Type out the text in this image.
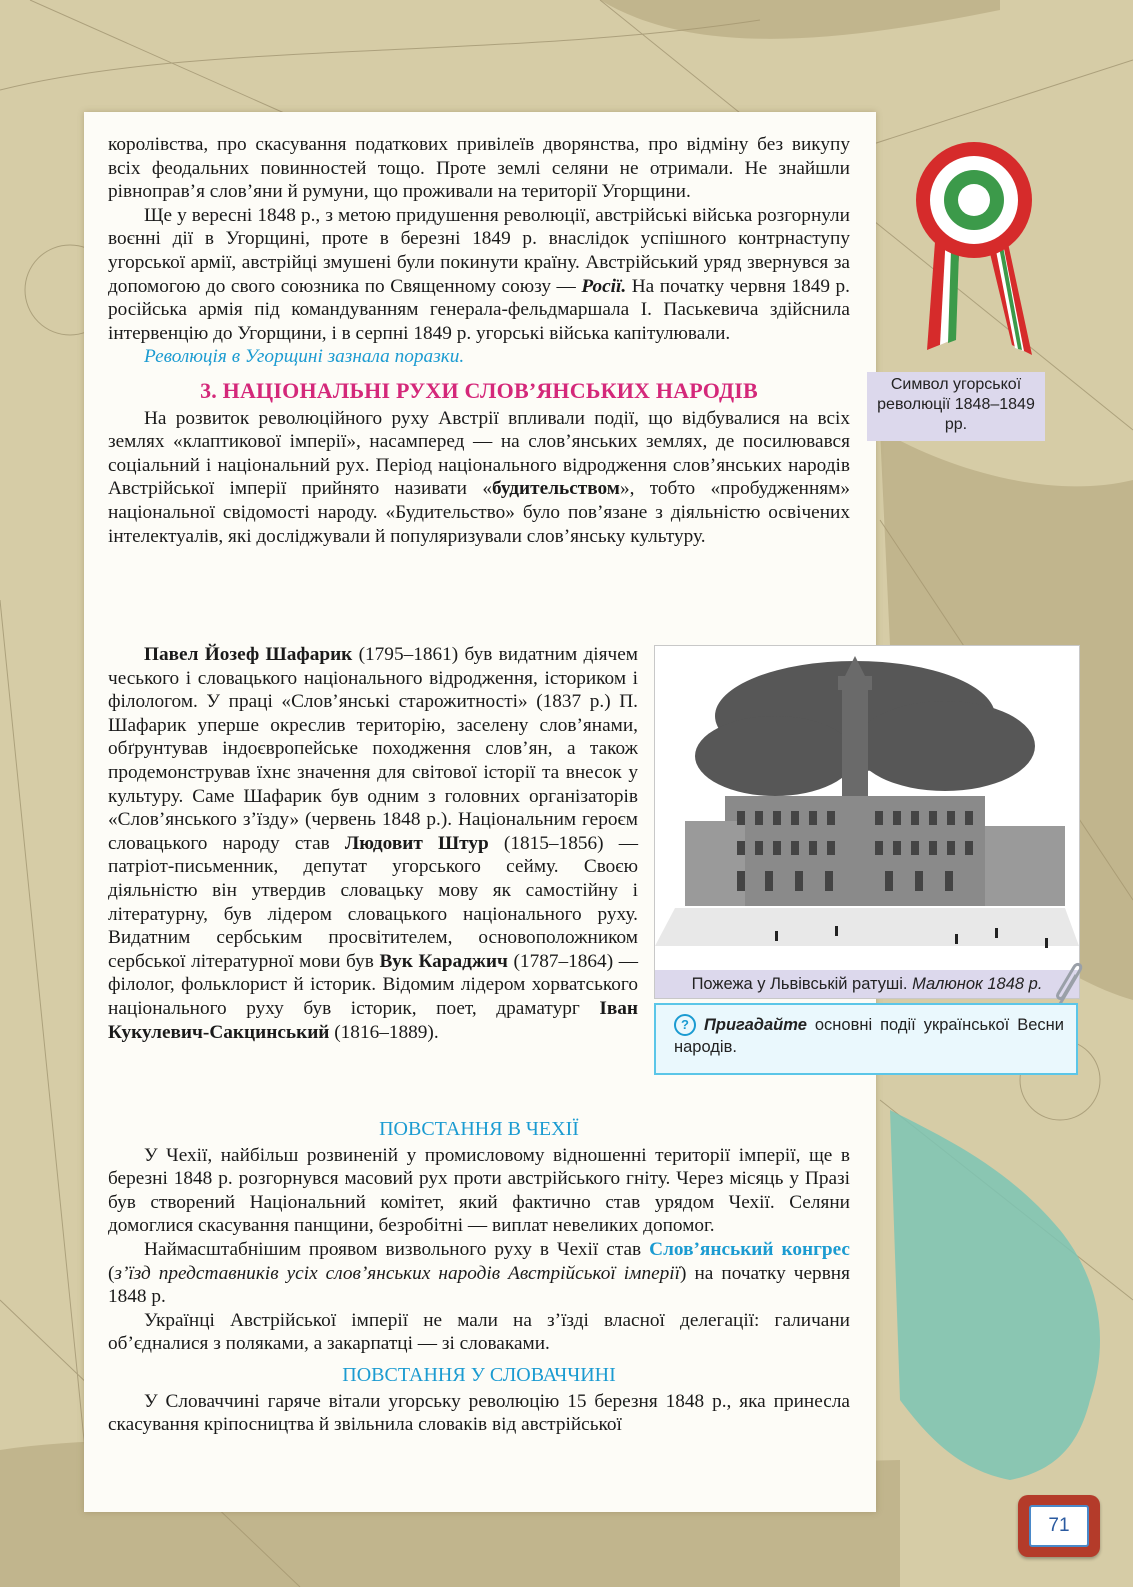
Символ угорської революції 1848–1849 рр.

королівства, про скасування податкових привілеїв дворянства, про відміну без викупу всіх феодальних повинностей тощо. Проте землі селяни не отримали. Не знайшли рівноправ’я слов’яни й румуни, що проживали на території Угорщини.

Ще у вересні 1848 р., з метою придушення революції, австрійські війська розгорнули воєнні дії в Угорщині, проте в березні 1849 р. внаслідок успішного контрнаступу угорської армії, австрійці змушені були покинути країну. Австрійський уряд звернувся за допомогою до свого союзника по Священному союзу — Росії. На початку червня 1849 р. російська армія під командуванням генерала-фельдмаршала І. Паськевича здійснила інтервенцію до Угорщини, і в серпні 1849 р. угорські війська капітулювали.

Революція в Угорщині зазнала поразки.

3. НАЦІОНАЛЬНІ РУХИ СЛОВ’ЯНСЬКИХ НАРОДІВ

На розвиток революційного руху Австрії впливали події, що відбувалися на всіх землях «клаптикової імперії», насамперед — на слов’янських землях, де посилювався соціальний і національний рух. Період національного відродження слов’янських народів Австрійської імперії прийнято називати «будительством», тобто «пробудженням» національної свідомості народу. «Будительство» було пов’язане з діяльністю освічених інтелектуалів, які досліджували й популяризували слов’янську культуру.

Павел Йозеф Шафарик (1795–1861) був видатним діячем чеського і словацького національного відродження, істориком і філологом. У праці «Слов’янські старожитності» (1837 р.) П. Шафарик уперше окреслив територію, заселену слов’янами, обґрунтував індоєвропейське походження слов’ян, а також продемонстрував їхнє значення для світової історії та внесок у культуру. Саме Шафарик був одним з головних організаторів «Слов’янського з’їзду» (червень 1848 р.). Національним героєм словацького народу став Людовит Штур (1815–1856) — патріот-письменник, депутат угорського сейму. Своєю діяльністю він утвердив словацьку мову як самостійну і літературну, був лідером словацького національного руху. Видатним сербським просвітителем, основоположником сербської літературної мови був Вук Караджич (1787–1864) — філолог, фольклорист й історик. Відомим лідером хорватського національного руху був історик, поет, драматург Іван Кукулевич-Сакцинський (1816–1889).

Пожежа у Львівській ратуші. Малюнок 1848 р.
? Пригадайте основні події української Весни народів.
ПОВСТАННЯ В ЧЕХІЇ

У Чехії, найбільш розвиненій у промисловому відношенні території імперії, ще в березні 1848 р. розгорнувся масовий рух проти австрійського гніту. Через місяць у Празі був створений Національний комітет, який фактично став урядом Чехії. Селяни домоглися скасування панщини, безробітні — виплат невеликих допомог.

Наймасштабнішим проявом визвольного руху в Чехії став Слов’янський конгрес (з’їзд представників усіх слов’янських народів Австрійської імперії) на початку червня 1848 р.

Українці Австрійської імперії не мали на з’їзді власної делегації: галичани об’єдналися з поляками, а закарпатці — зі словаками.

ПОВСТАННЯ У СЛОВАЧЧИНІ

У Словаччині гаряче вітали угорську революцію 15 березня 1848 р., яка принесла скасування кріпосництва й звільнила словаків від австрійської

71
